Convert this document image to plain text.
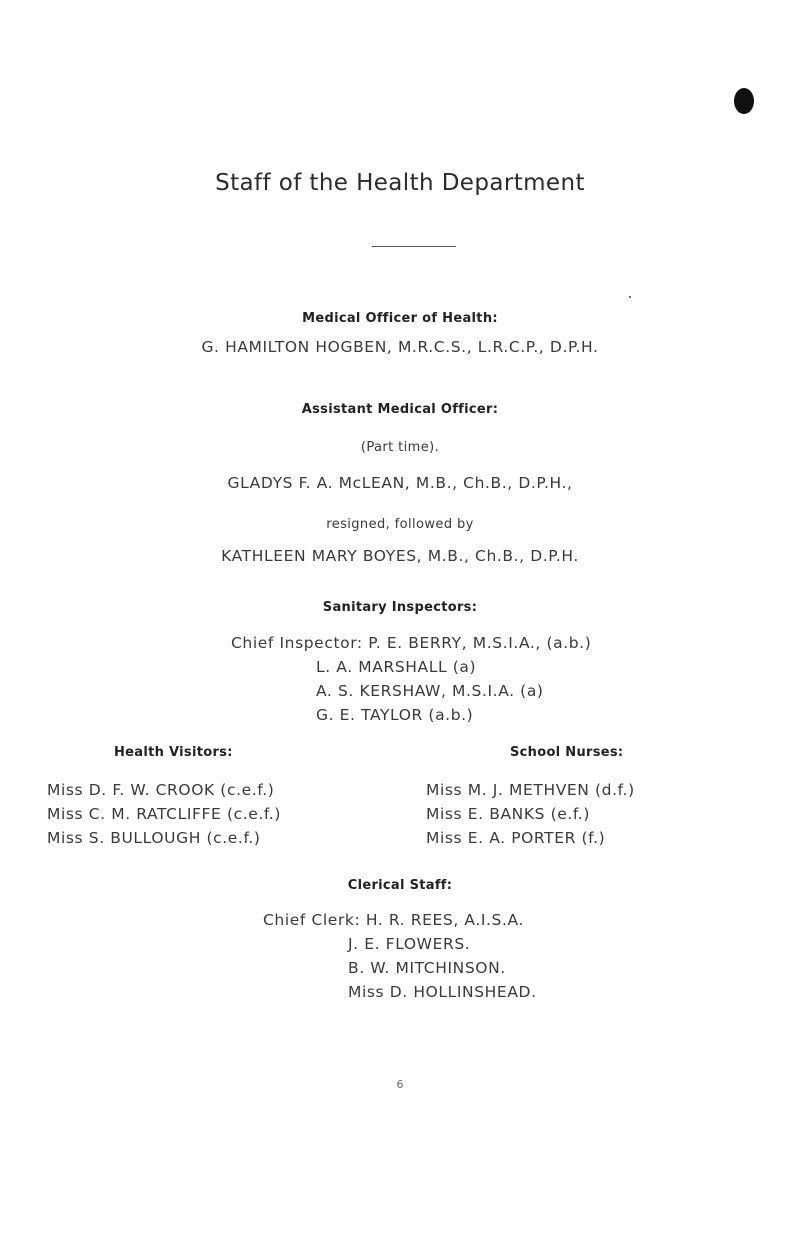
Staff of the Health Department
Medical Officer of Health:
G. HAMILTON HOGBEN, M.R.C.S., L.R.C.P., D.P.H.
Assistant Medical Officer:
(Part time).
GLADYS F. A. McLEAN, M.B., Ch.B., D.P.H.,
resigned, followed by
KATHLEEN MARY BOYES, M.B., Ch.B., D.P.H.
Sanitary Inspectors:
Chief Inspector: P. E. BERRY, M.S.I.A., (a.b.)
L. A. MARSHALL (a)
A. S. KERSHAW, M.S.I.A. (a)
G. E. TAYLOR (a.b.)
Health Visitors:	School Nurses:
Miss D. F. W. CROOK (c.e.f.)
Miss C. M. RATCLIFFE (c.e.f.)
Miss S. BULLOUGH (c.e.f.)
Miss M. J. METHVEN (d.f.)
Miss E. BANKS (e.f.)
Miss E. A. PORTER (f.)
Clerical Staff:
Chief Clerk: H. R. REES, A.I.S.A.
J. E. FLOWERS.
B. W. MITCHINSON.
Miss D. HOLLINSHEAD.
6
